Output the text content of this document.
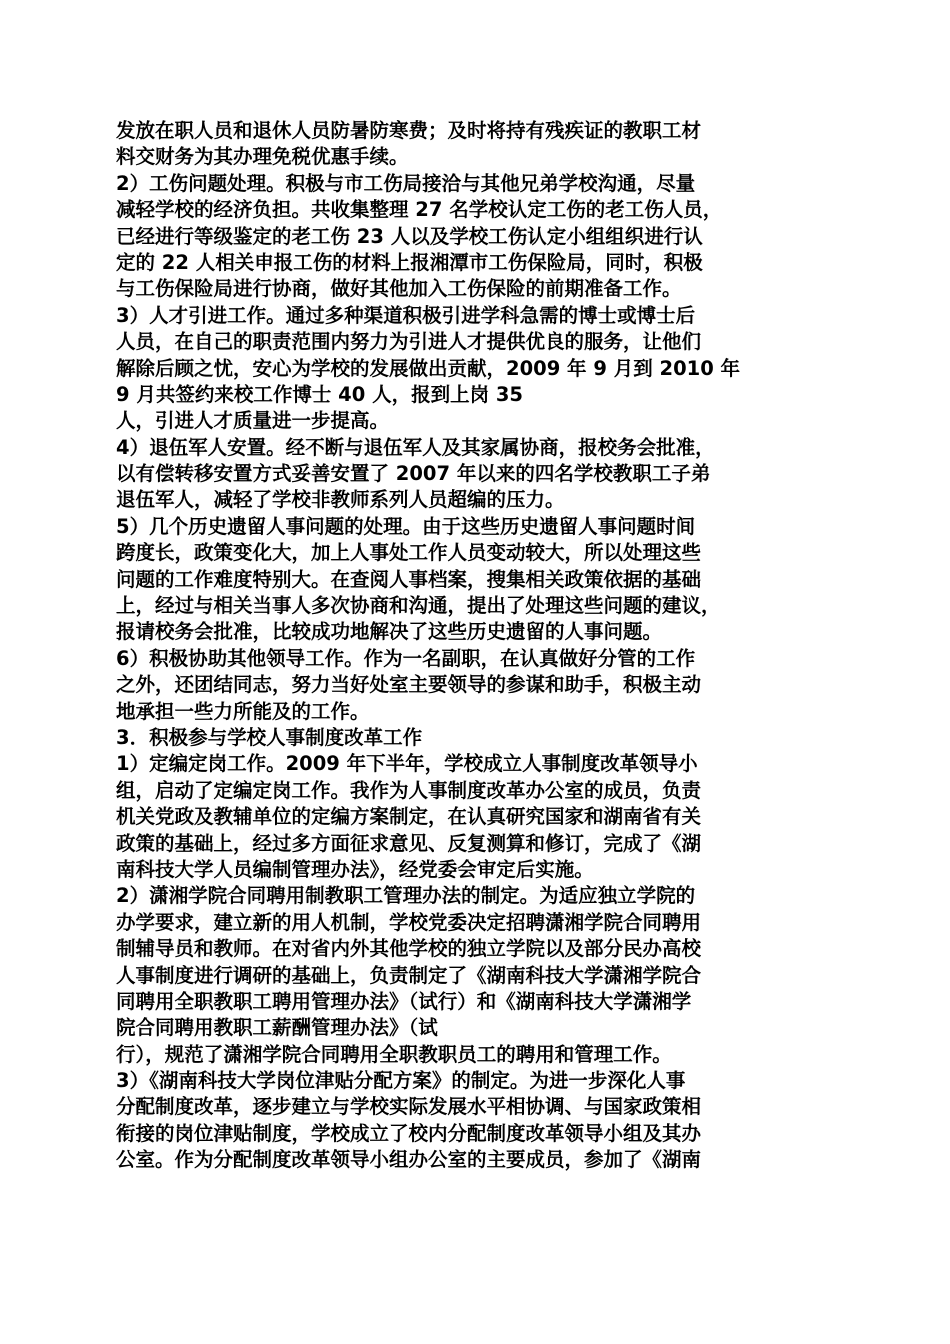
发放在职人员和退休人员防暑防寒费；及时将持有残疾证的教职工材
料交财务为其办理免税优惠手续。
2）工伤问题处理。积极与市工伤局接洽与其他兄弟学校沟通，尽量
减轻学校的经济负担。共收集整理 27 名学校认定工伤的老工伤人员，
已经进行等级鉴定的老工伤 23 人以及学校工伤认定小组组织进行认
定的 22 人相关申报工伤的材料上报湘潭市工伤保险局，同时，积极
与工伤保险局进行协商，做好其他加入工伤保险的前期准备工作。
3）人才引进工作。通过多种渠道积极引进学科急需的博士或博士后
人员，在自己的职责范围内努力为引进人才提供优良的服务，让他们
解除后顾之忧，安心为学校的发展做出贡献，2009 年 9 月到 2010 年
9 月共签约来校工作博士 40 人，报到上岗 35
人，引进人才质量进一步提高。
4）退伍军人安置。经不断与退伍军人及其家属协商，报校务会批准，
以有偿转移安置方式妥善安置了 2007 年以来的四名学校教职工子弟
退伍军人，减轻了学校非教师系列人员超编的压力。
5）几个历史遗留人事问题的处理。由于这些历史遗留人事问题时间
跨度长，政策变化大，加上人事处工作人员变动较大，所以处理这些
问题的工作难度特别大。在查阅人事档案，搜集相关政策依据的基础
上，经过与相关当事人多次协商和沟通，提出了处理这些问题的建议，
报请校务会批准，比较成功地解决了这些历史遗留的人事问题。
6）积极协助其他领导工作。作为一名副职，在认真做好分管的工作
之外，还团结同志，努力当好处室主要领导的参谋和助手，积极主动
地承担一些力所能及的工作。
3．积极参与学校人事制度改革工作
1）定编定岗工作。2009 年下半年，学校成立人事制度改革领导小
组，启动了定编定岗工作。我作为人事制度改革办公室的成员，负责
机关党政及教辅单位的定编方案制定，在认真研究国家和湖南省有关
政策的基础上，经过多方面征求意见、反复测算和修订，完成了《湖
南科技大学人员编制管理办法》，经党委会审定后实施。
2）潇湘学院合同聘用制教职工管理办法的制定。为适应独立学院的
办学要求，建立新的用人机制，学校党委决定招聘潇湘学院合同聘用
制辅导员和教师。在对省内外其他学校的独立学院以及部分民办高校
人事制度进行调研的基础上，负责制定了《湖南科技大学潇湘学院合
同聘用全职教职工聘用管理办法》（试行）和《湖南科技大学潇湘学
院合同聘用教职工薪酬管理办法》（试
行），规范了潇湘学院合同聘用全职教职员工的聘用和管理工作。
3）《湖南科技大学岗位津贴分配方案》的制定。为进一步深化人事
分配制度改革，逐步建立与学校实际发展水平相协调、与国家政策相
衔接的岗位津贴制度，学校成立了校内分配制度改革领导小组及其办
公室。作为分配制度改革领导小组办公室的主要成员，参加了《湖南
